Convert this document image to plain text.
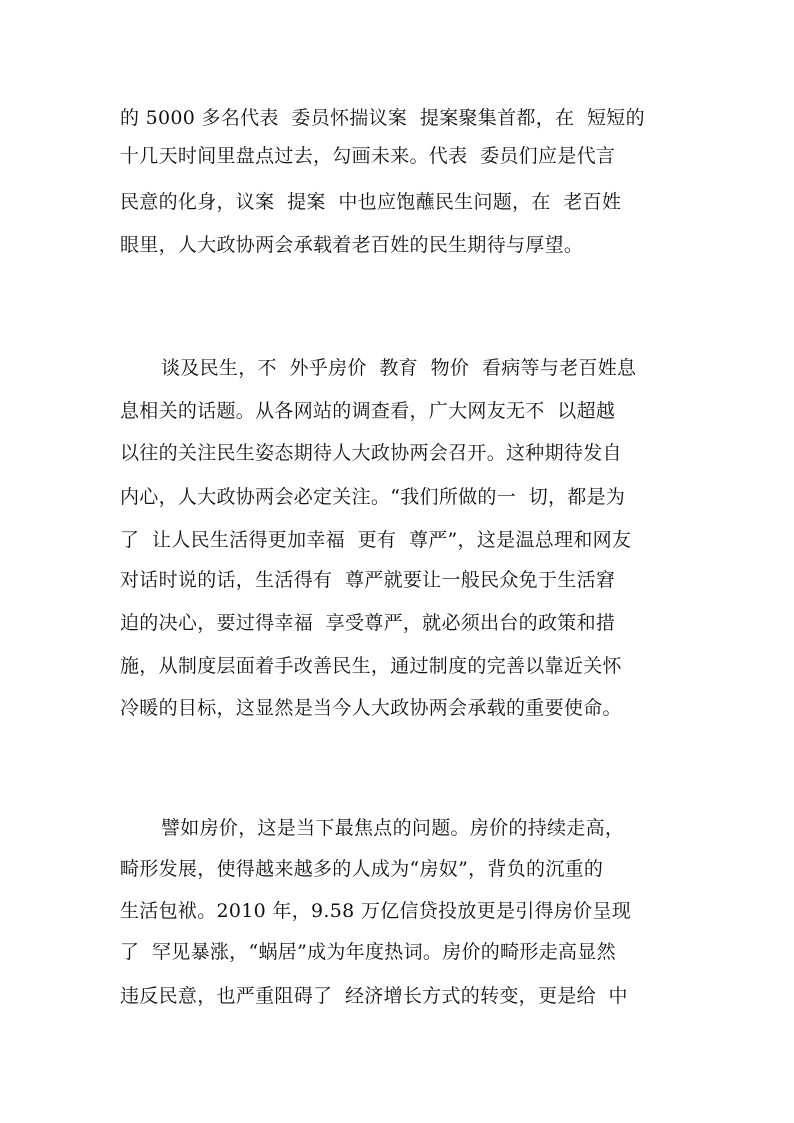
的 5000 多名代表  委员怀揣议案  提案聚集首都，在  短短的
十几天时间里盘点过去，勾画未来。代表  委员们应是代言
民意的化身，议案  提案  中也应饱蘸民生问题，在  老百姓
眼里，人大政协两会承载着老百姓的民生期待与厚望。
谈及民生，不  外乎房价  教育  物价  看病等与老百姓息
息相关的话题。从各网站的调查看，广大网友无不  以超越
以往的关注民生姿态期待人大政协两会召开。这种期待发自
内心，人大政协两会必定关注。“我们所做的一  切，都是为
了  让人民生活得更加幸福  更有  尊严”，这是温总理和网友
对话时说的话，生活得有  尊严就要让一般民众免于生活窘
迫的决心，要过得幸福  享受尊严，就必须出台的政策和措
施，从制度层面着手改善民生，通过制度的完善以靠近关怀
冷暖的目标，这显然是当今人大政协两会承载的重要使命。
譬如房价，这是当下最焦点的问题。房价的持续走高，
畸形发展，使得越来越多的人成为“房奴”，背负的沉重的
生活包袱。2010 年，9.58 万亿信贷投放更是引得房价呈现
了  罕见暴涨，“蜗居”成为年度热词。房价的畸形走高显然
违反民意，也严重阻碍了  经济增长方式的转变，更是给  中
